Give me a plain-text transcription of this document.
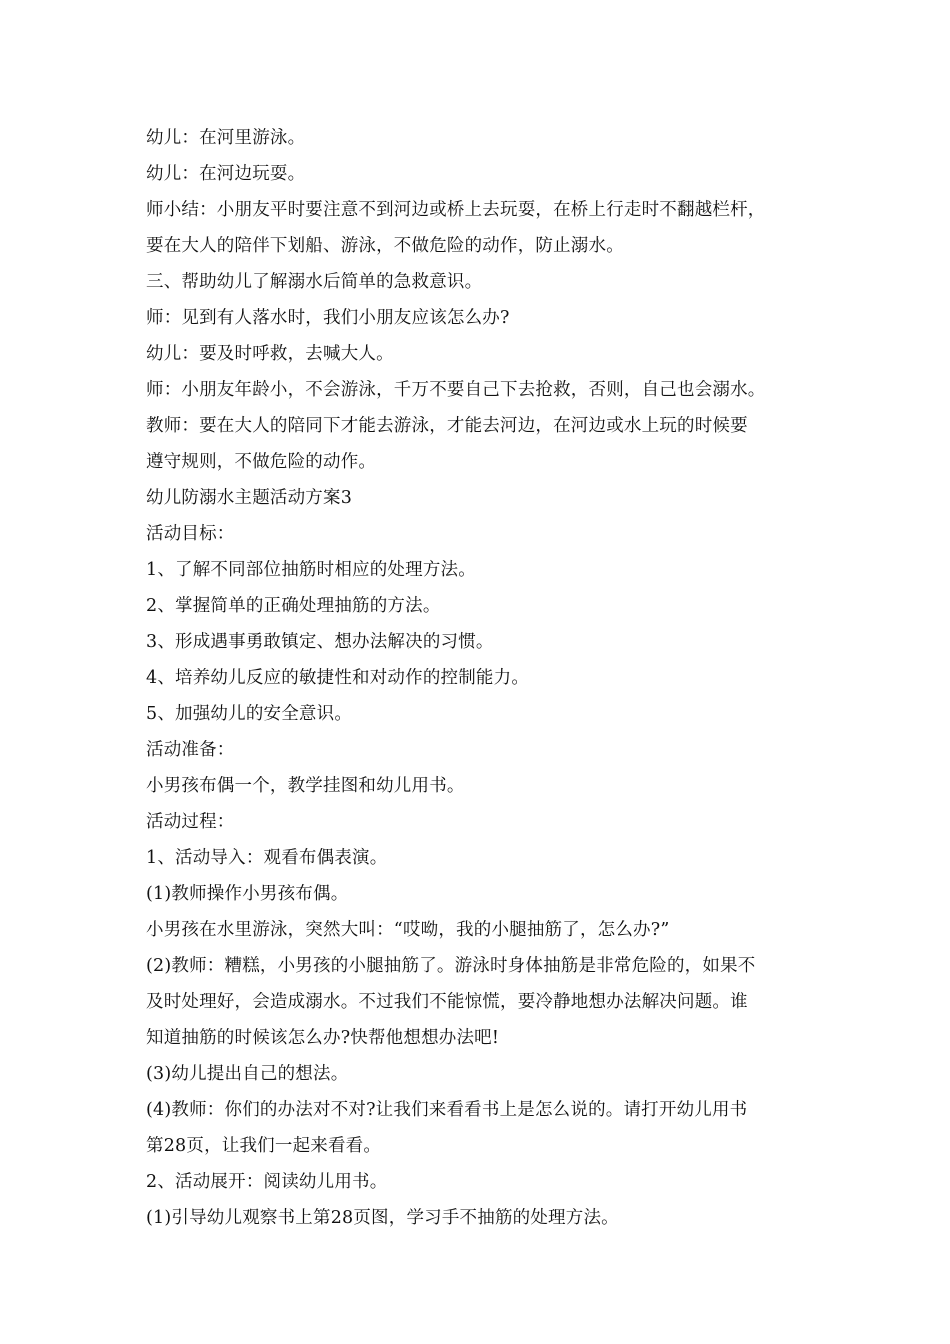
幼儿：在河里游泳。
幼儿：在河边玩耍。
师小结：小朋友平时要注意不到河边或桥上去玩耍，在桥上行走时不翻越栏杆，
要在大人的陪伴下划船、游泳，不做危险的动作，防止溺水。
三、帮助幼儿了解溺水后简单的急救意识。
师：见到有人落水时，我们小朋友应该怎么办?
幼儿：要及时呼救，去喊大人。
师：小朋友年龄小，不会游泳，千万不要自己下去抢救，否则，自己也会溺水。
教师：要在大人的陪同下才能去游泳，才能去河边，在河边或水上玩的时候要
遵守规则，不做危险的动作。
幼儿防溺水主题活动方案3
活动目标：
1、了解不同部位抽筋时相应的处理方法。
2、掌握简单的正确处理抽筋的方法。
3、形成遇事勇敢镇定、想办法解决的习惯。
4、培养幼儿反应的敏捷性和对动作的控制能力。
5、加强幼儿的安全意识。
活动准备：
小男孩布偶一个，教学挂图和幼儿用书。
活动过程：
1、活动导入：观看布偶表演。
(1)教师操作小男孩布偶。
小男孩在水里游泳，突然大叫：“哎呦，我的小腿抽筋了，怎么办?”
(2)教师：糟糕，小男孩的小腿抽筋了。游泳时身体抽筋是非常危险的，如果不
及时处理好，会造成溺水。不过我们不能惊慌，要冷静地想办法解决问题。谁
知道抽筋的时候该怎么办?快帮他想想办法吧!
(3)幼儿提出自己的想法。
(4)教师：你们的办法对不对?让我们来看看书上是怎么说的。请打开幼儿用书
第28页，让我们一起来看看。
2、活动展开：阅读幼儿用书。
(1)引导幼儿观察书上第28页图，学习手不抽筋的处理方法。
